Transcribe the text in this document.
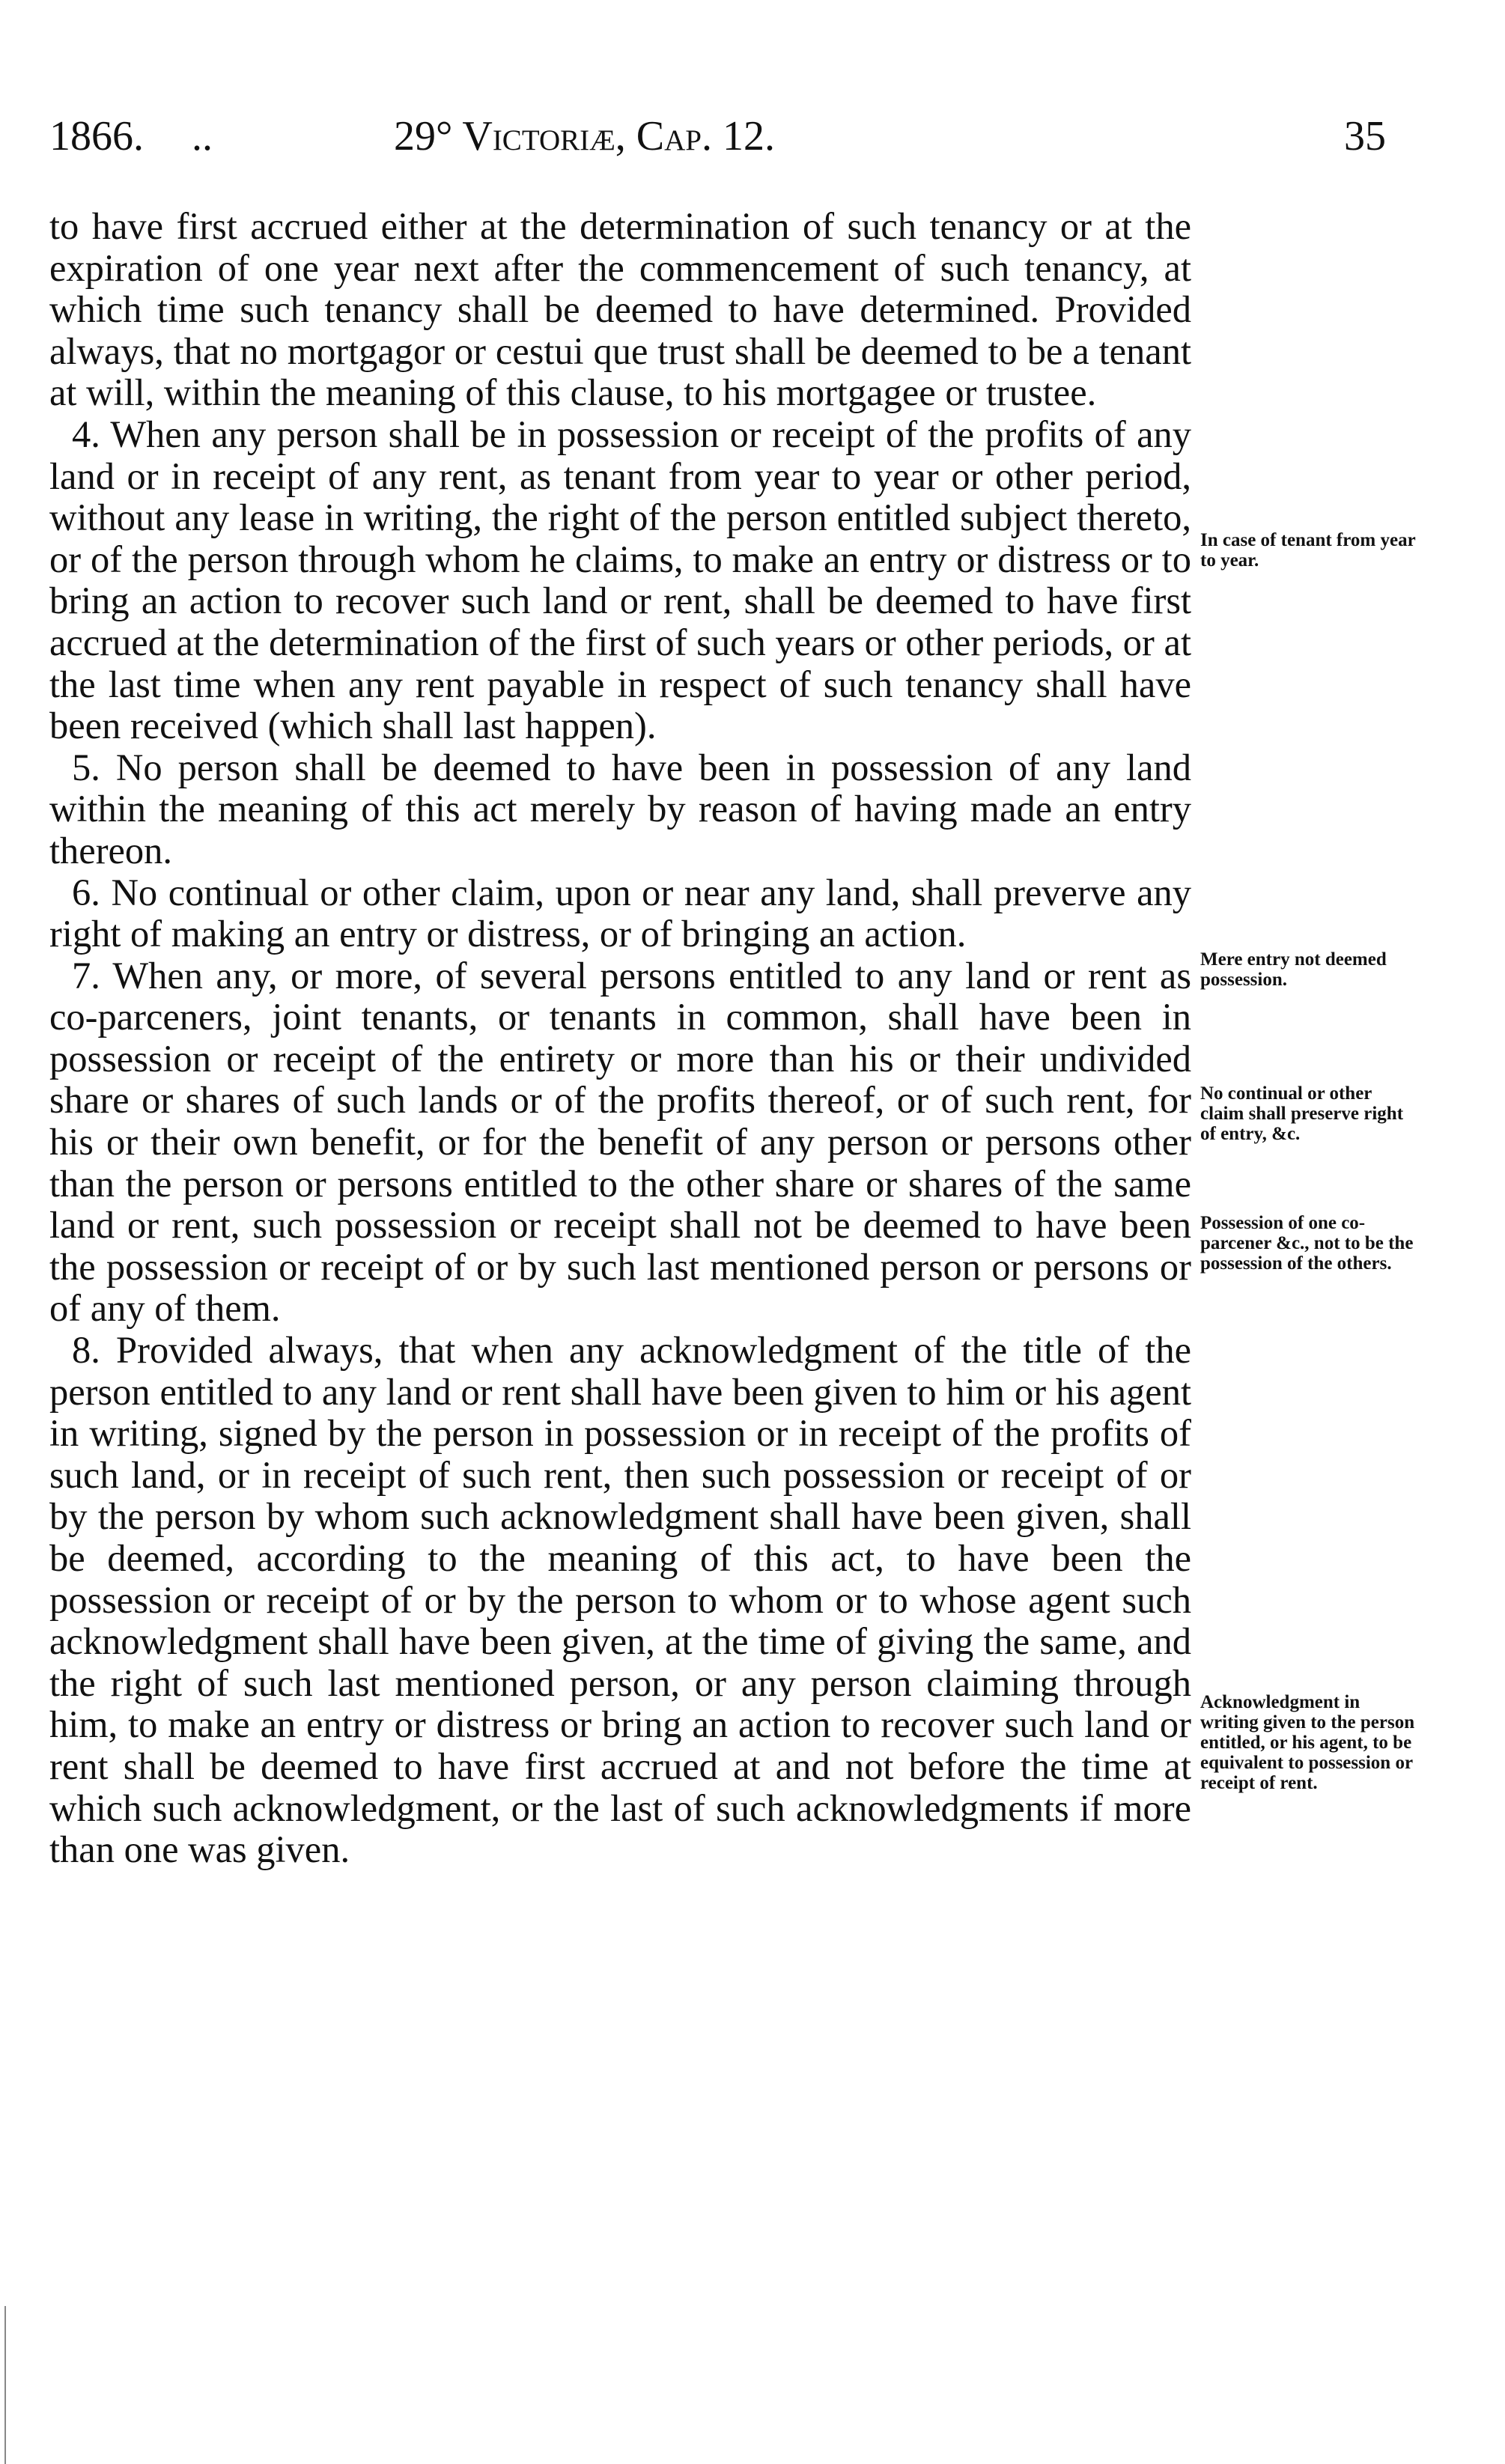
1866. ..	29° Victoriæ, Cap. 12.	35

to have first accrued either at the determination of such tenancy or at the expiration of one year next after the commencement of such tenancy, at which time such tenancy shall be deemed to have determined. Provided always, that no mortgagor or cestui que trust shall be deemed to be a tenant at will, within the meaning of this clause, to his mortgagee or trustee.

4. When any person shall be in possession or receipt of the profits of any land or in receipt of any rent, as tenant from year to year or other period, without any lease in writing, the right of the person entitled subject thereto, or of the person through whom he claims, to make an entry or distress or to bring an action to recover such land or rent, shall be deemed to have first accrued at the determination of the first of such years or other periods, or at the last time when any rent payable in respect of such tenancy shall have been received (which shall last happen).

5. No person shall be deemed to have been in possession of any land within the meaning of this act merely by reason of having made an entry thereon.

6. No continual or other claim, upon or near any land, shall preverve any right of making an entry or distress, or of bringing an action.

7. When any, or more, of several persons entitled to any land or rent as co-parceners, joint tenants, or tenants in common, shall have been in possession or receipt of the entirety or more than his or their undivided share or shares of such lands or of the profits thereof, or of such rent, for his or their own benefit, or for the benefit of any person or persons other than the person or persons entitled to the other share or shares of the same land or rent, such possession or receipt shall not be deemed to have been the possession or receipt of or by such last mentioned person or persons or of any of them.

8. Provided always, that when any acknowledgment of the title of the person entitled to any land or rent shall have been given to him or his agent in writing, signed by the person in possession or in receipt of the profits of such land, or in receipt of such rent, then such possession or receipt of or by the person by whom such acknowledgment shall have been given, shall be deemed, according to the meaning of this act, to have been the possession or receipt of or by the person to whom or to whose agent such acknowledgment shall have been given, at the time of giving the same, and the right of such last mentioned person, or any person claiming through him, to make an entry or distress or bring an action to recover such land or rent shall be deemed to have first accrued at and not before the time at which such acknowledgment, or the last of such acknowledgments if more than one was given.

In case of tenant from year to year.
Mere entry not deemed possession.
No continual or other claim shall preserve right of entry, &c.
Possession of one co-parcener &c., not to be the possession of the others.
Acknowledgment in writing given to the person entitled, or his agent, to be equivalent to possession or receipt of rent.
